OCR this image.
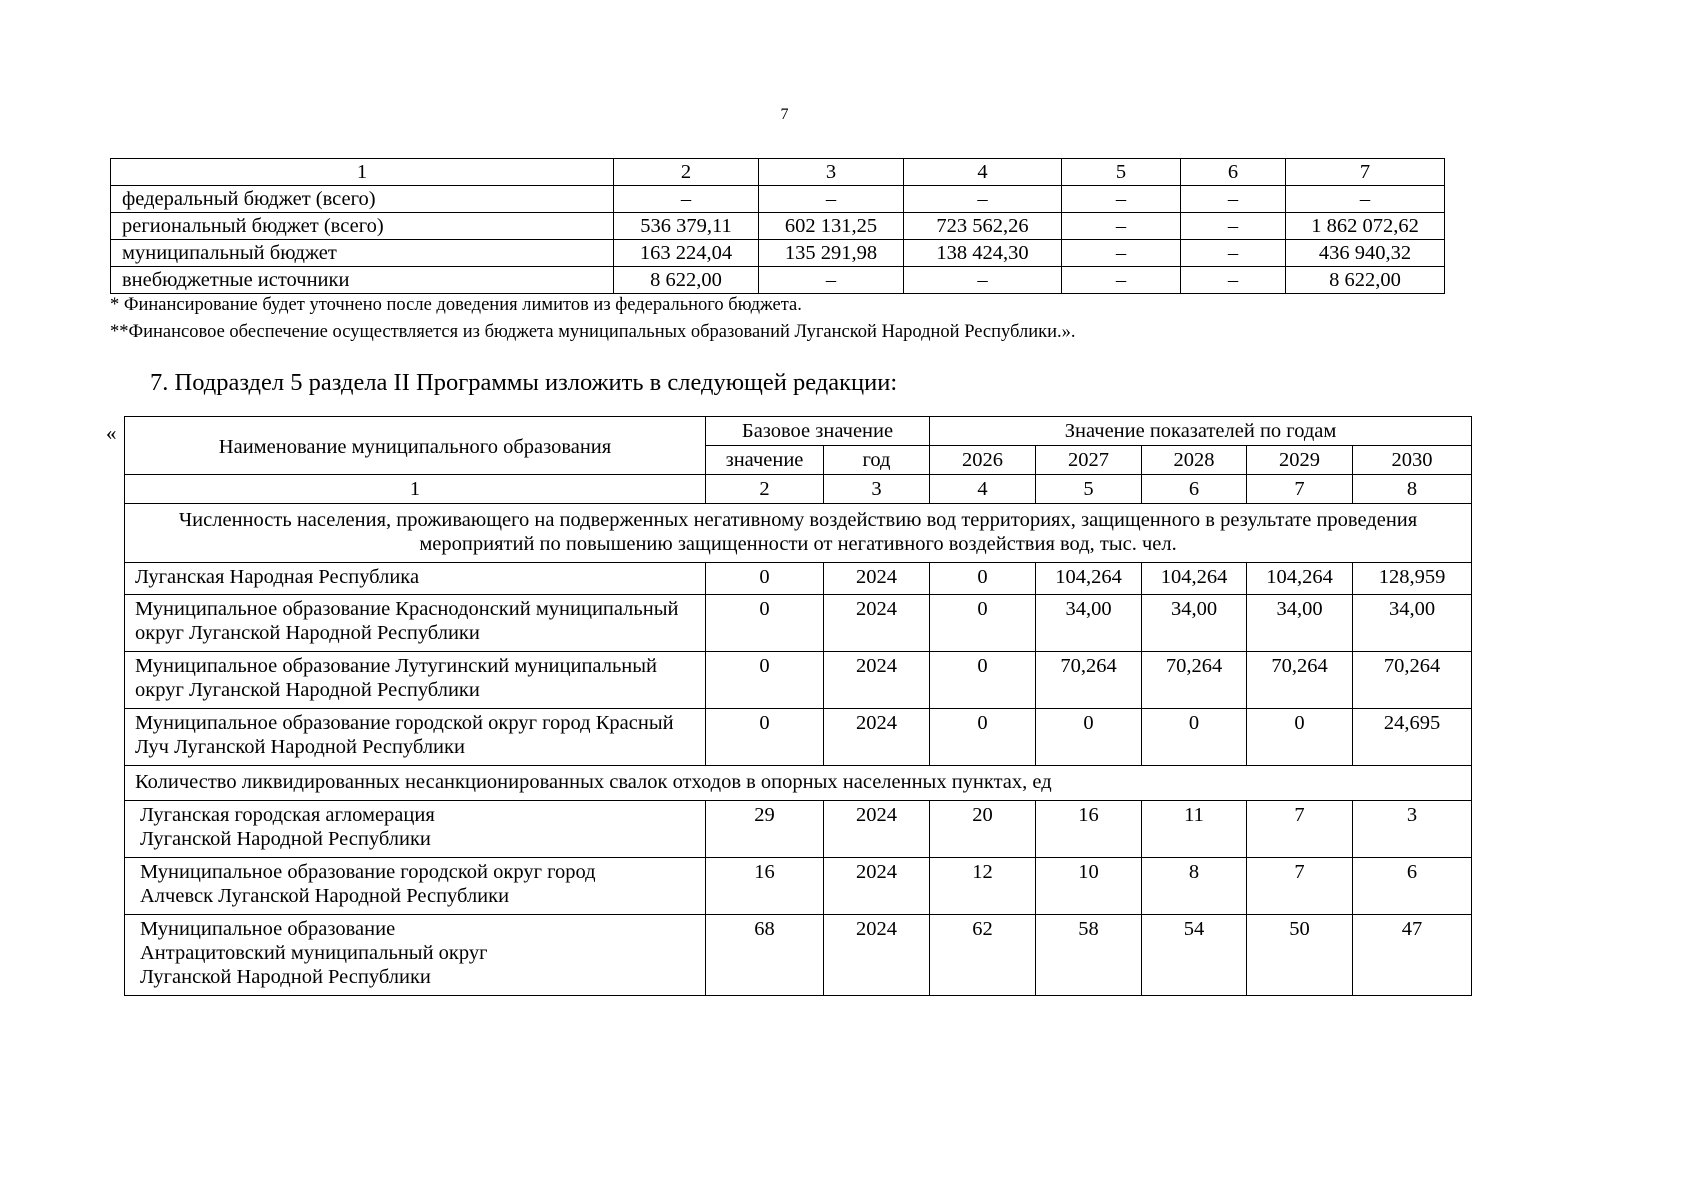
7
1	2	3	4	5	6	7
федеральный бюджет (всего)	–	–	–	–	–	–
региональный бюджет (всего)	536 379,11	602 131,25	723 562,26	–	–	1 862 072,62
муниципальный бюджет	163 224,04	135 291,98	138 424,30	–	–	436 940,32
внебюджетные источники	8 622,00	–	–	–	–	8 622,00
* Финансирование будет уточнено после доведения лимитов из федерального бюджета.
**Финансовое обеспечение осуществляется из бюджета муниципальных образований Луганской Народной Республики.».
7. Подраздел 5 раздела II Программы изложить в следующей редакции:
«
Наименование муниципального образования	Базовое значение		Значение показателей по годам				
	значение	год	2026	2027	2028	2029	2030
1	2	3	4	5	6	7	8
Численность населения, проживающего на подверженных негативному воздействию вод территориях, защищенного в результате проведения мероприятий по повышению защищенности от негативного воздействия вод, тыс. чел.							
Луганская Народная Республика	0	2024	0	104,264	104,264	104,264	128,959
Муниципальное образование Краснодонский муниципальный округ Луганской Народной Республики	0	2024	0	34,00	34,00	34,00	34,00
Муниципальное образование Лутугинский муниципальный округ Луганской Народной Республики	0	2024	0	70,264	70,264	70,264	70,264
Муниципальное образование городской округ город Красный Луч Луганской Народной Республики	0	2024	0	0	0	0	24,695
Количество ликвидированных несанкционированных свалок отходов в опорных населенных пунктах, ед							
Луганская городская агломерация
Луганской Народной Республики	29	2024	20	16	11	7	3
Муниципальное образование городской округ город
Алчевск Луганской Народной Республики	16	2024	12	10	8	7	6
Муниципальное образование
Антрацитовский муниципальный округ
Луганской Народной Республики	68	2024	62	58	54	50	47
